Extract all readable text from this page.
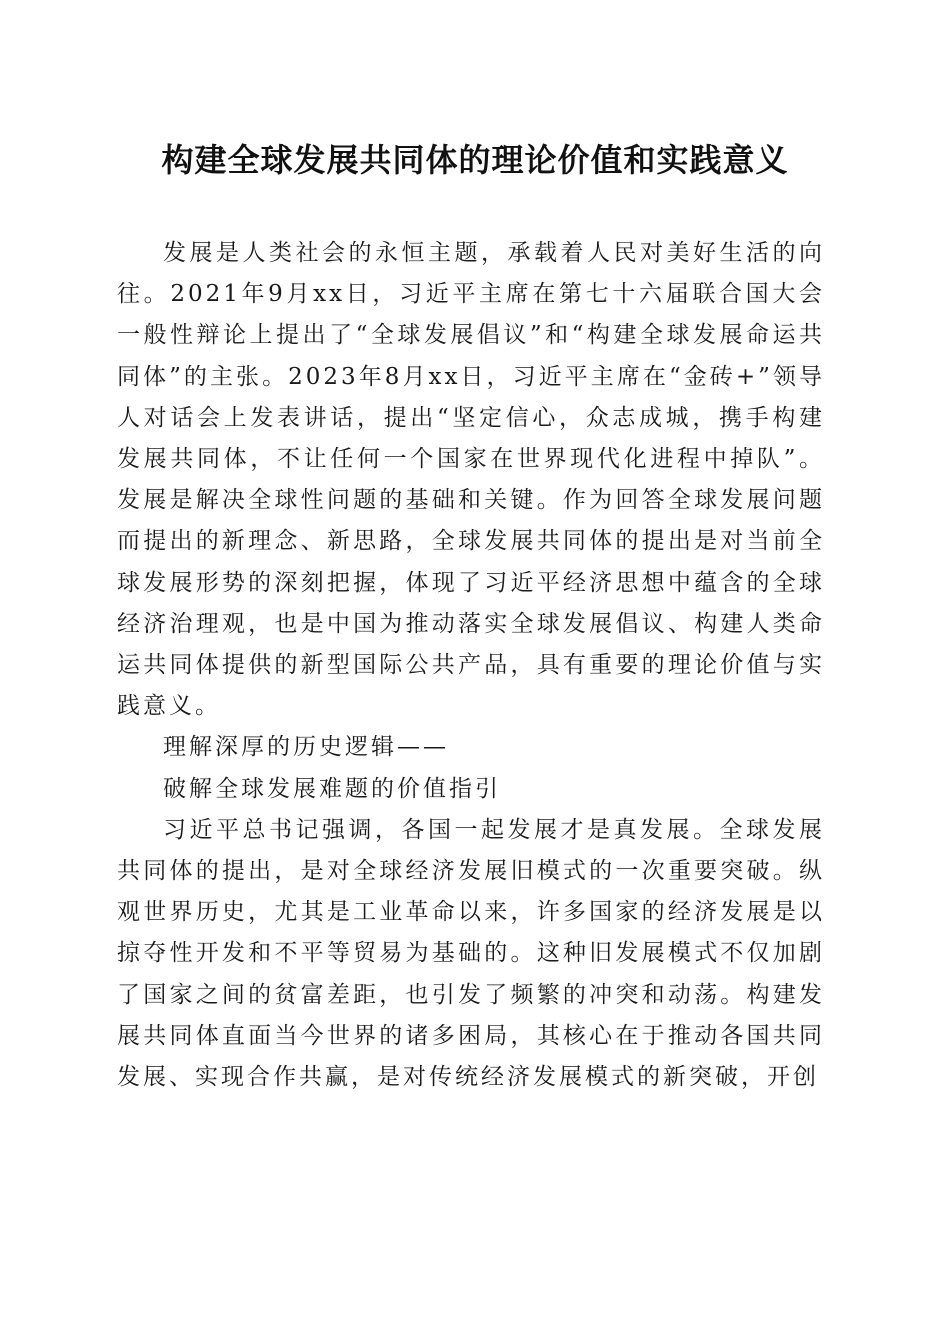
构建全球发展共同体的理论价值和实践意义

发展是人类社会的永恒主题，承载着人民对美好生活的向往。2021年9月xx日，习近平主席在第七十六届联合国大会一般性辩论上提出了“全球发展倡议”和“构建全球发展命运共同体”的主张。2023年8月xx日，习近平主席在“金砖+”领导人对话会上发表讲话，提出“坚定信心，众志成城，携手构建发展共同体，不让任何一个国家在世界现代化进程中掉队”。发展是解决全球性问题的基础和关键。作为回答全球发展问题而提出的新理念、新思路，全球发展共同体的提出是对当前全球发展形势的深刻把握，体现了习近平经济思想中蕴含的全球经济治理观，也是中国为推动落实全球发展倡议、构建人类命运共同体提供的新型国际公共产品，具有重要的理论价值与实践意义。

理解深厚的历史逻辑——

破解全球发展难题的价值指引

习近平总书记强调，各国一起发展才是真发展。全球发展共同体的提出，是对全球经济发展旧模式的一次重要突破。纵观世界历史，尤其是工业革命以来，许多国家的经济发展是以掠夺性开发和不平等贸易为基础的。这种旧发展模式不仅加剧了国家之间的贫富差距，也引发了频繁的冲突和动荡。构建发展共同体直面当今世界的诸多困局，其核心在于推动各国共同发展、实现合作共赢，是对传统经济发展模式的新突破，开创
